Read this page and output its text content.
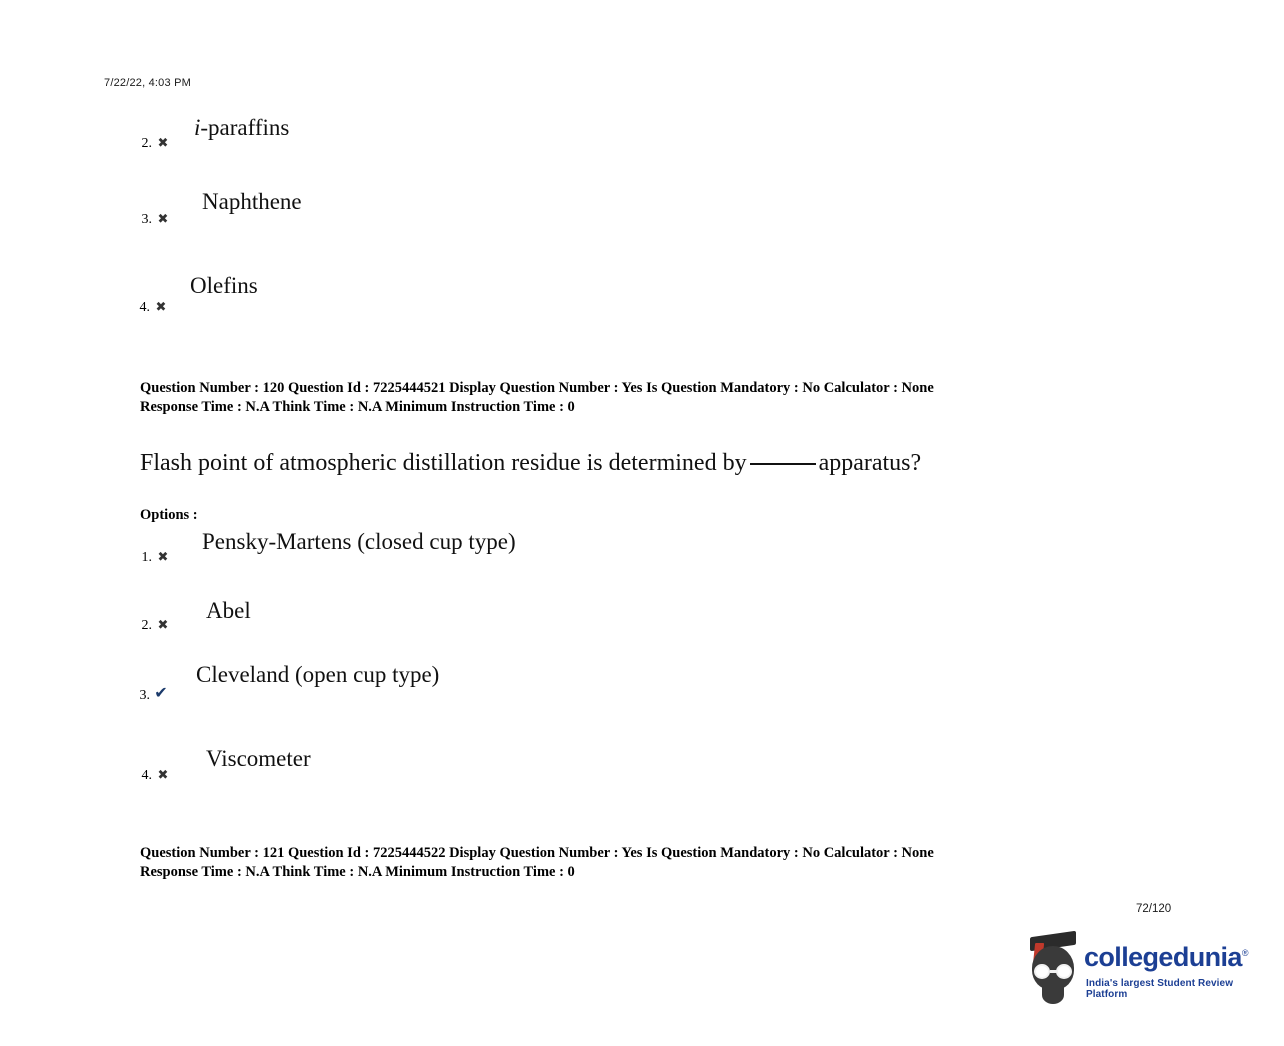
7/22/22, 4:03 PM
2. ✖
i-paraffins
3. ✖
Naphthene
4. ✖
Olefins
Question Number : 120 Question Id : 7225444521 Display Question Number : Yes Is Question Mandatory : No Calculator : None
Response Time : N.A Think Time : N.A Minimum Instruction Time : 0
Flash point of atmospheric distillation residue is determined by	apparatus?
Options :
1. ✖
Pensky-Martens (closed cup type)
2. ✖
Abel
3. ✔
Cleveland (open cup type)
4. ✖
Viscometer
Question Number : 121 Question Id : 7225444522 Display Question Number : Yes Is Question Mandatory : No Calculator : None
Response Time : N.A Think Time : N.A Minimum Instruction Time : 0
72/120
collegedunia®
India's largest Student Review Platform
